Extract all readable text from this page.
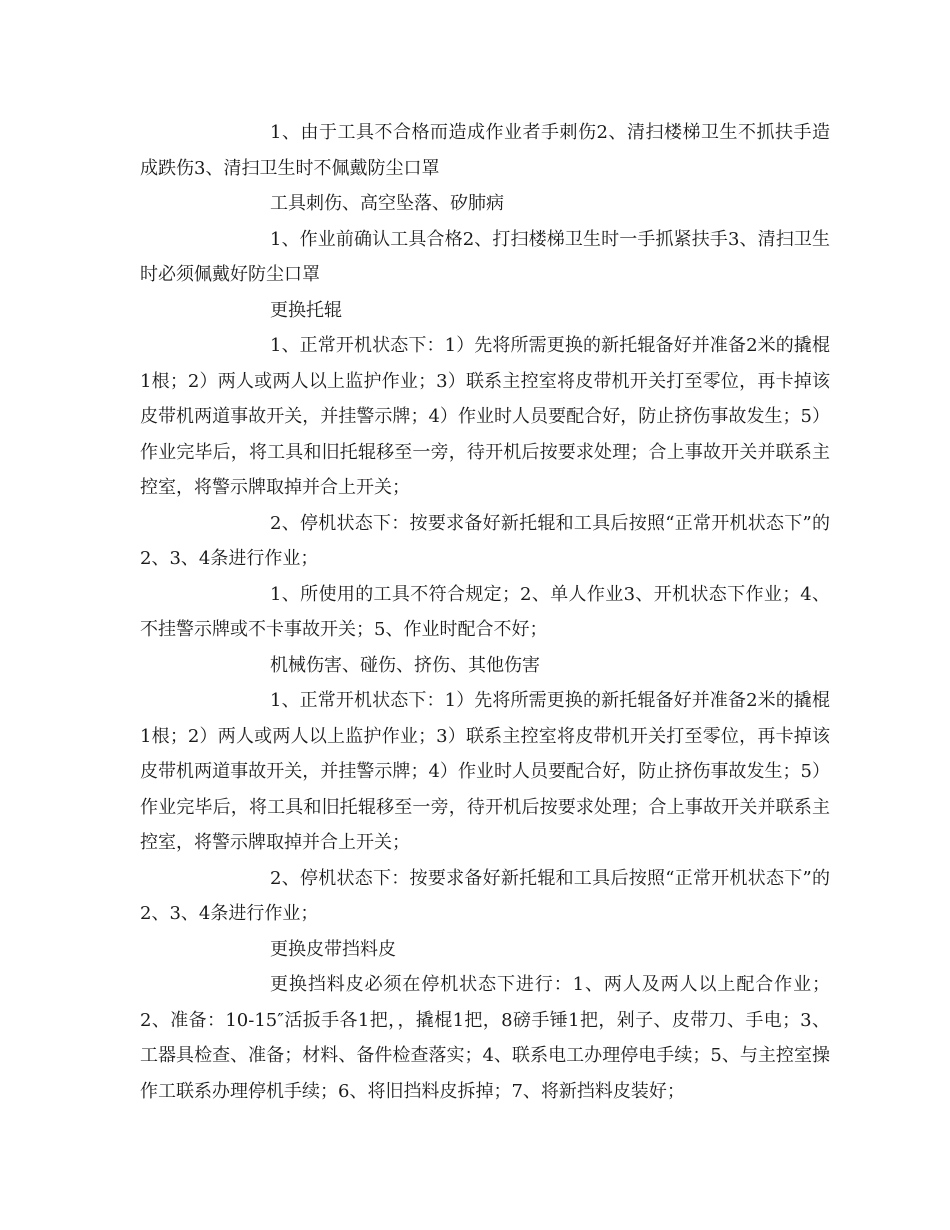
1、由于工具不合格而造成作业者手刺伤2、清扫楼梯卫生不抓扶手造成跌伤3、清扫卫生时不佩戴防尘口罩

工具刺伤、高空坠落、矽肺病

1、作业前确认工具合格2、打扫楼梯卫生时一手抓紧扶手3、清扫卫生时必须佩戴好防尘口罩

更换托辊

1、正常开机状态下：1）先将所需更换的新托辊备好并准备2米的撬棍1根；2）两人或两人以上监护作业；3）联系主控室将皮带机开关打至零位，再卡掉该皮带机两道事故开关，并挂警示牌；4）作业时人员要配合好，防止挤伤事故发生；5）作业完毕后，将工具和旧托辊移至一旁，待开机后按要求处理；合上事故开关并联系主控室，将警示牌取掉并合上开关；

2、停机状态下：按要求备好新托辊和工具后按照“正常开机状态下”的2、3、4条进行作业；

1、所使用的工具不符合规定；2、单人作业3、开机状态下作业；4、不挂警示牌或不卡事故开关；5、作业时配合不好；

机械伤害、碰伤、挤伤、其他伤害

1、正常开机状态下：1）先将所需更换的新托辊备好并准备2米的撬棍1根；2）两人或两人以上监护作业；3）联系主控室将皮带机开关打至零位，再卡掉该皮带机两道事故开关，并挂警示牌；4）作业时人员要配合好，防止挤伤事故发生；5）作业完毕后，将工具和旧托辊移至一旁，待开机后按要求处理；合上事故开关并联系主控室，将警示牌取掉并合上开关；

2、停机状态下：按要求备好新托辊和工具后按照“正常开机状态下”的2、3、4条进行作业；

更换皮带挡料皮

更换挡料皮必须在停机状态下进行：1、两人及两人以上配合作业；2、准备：10-15″活扳手各1把，，撬棍1把，8磅手锤1把，剁子、皮带刀、手电；3、工器具检查、准备；材料、备件检查落实；4、联系电工办理停电手续；5、与主控室操作工联系办理停机手续；6、将旧挡料皮拆掉；7、将新挡料皮装好；
